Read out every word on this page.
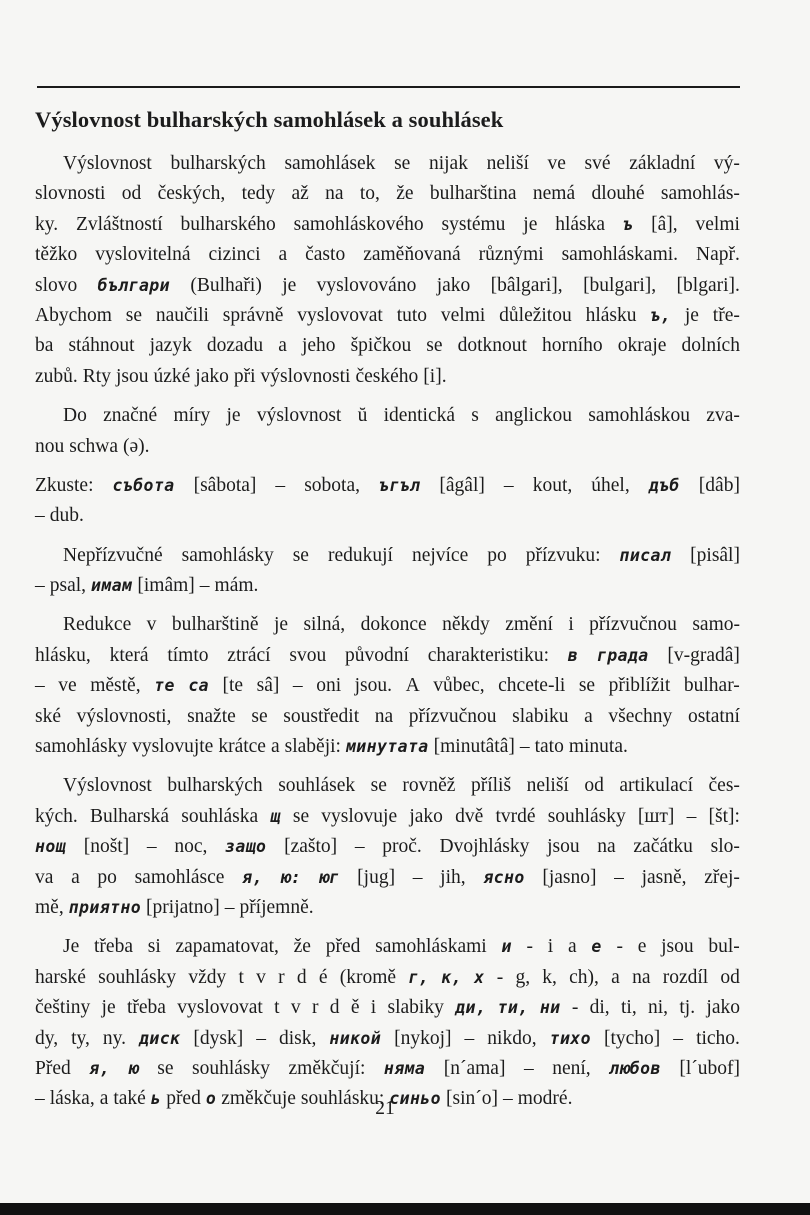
Výslovnost bulharských samohlásek a souhlásek
Výslovnost bulharských samohlásek se nijak neliší ve své základní vý-
slovnosti od českých, tedy až na to, že bulharština nemá dlouhé samohlás-
ky. Zvláštností bulharského samohláskového systému je hláska ъ [â], velmi
těžko vyslovitelná cizinci a často zaměňovaná různými samohláskami. Např.
slovo българи (Bulhaři) je vyslovováno jako [bâlgari], [bulgari], [blgari].
Abychom se naučili správně vyslovovat tuto velmi důležitou hlásku ъ, je tře-
ba stáhnout jazyk dozadu a jeho špičkou se dotknout horního okraje dolních
zubů. Rty jsou úzké jako při výslovnosti českého [i].
Do značné míry je výslovnost ŭ identická s anglickou samohláskou zva-
nou schwa (ə).
Zkuste: събота [sâbota] – sobota, ъгъл [âgâl] – kout, úhel, дъб [dâb]
– dub.
Nepřízvučné samohlásky se redukují nejvíce po přízvuku: писал [pisâl]
– psal, имам [imâm] – mám.
Redukce v bulharštině je silná, dokonce někdy změní i přízvučnou samo-
hlásku, která tímto ztrácí svou původní charakteristiku: в града [v-gradâ]
– ve městě, те са [te sâ] – oni jsou. A vůbec, chcete-li se přiblížit bulhar-
ské výslovnosti, snažte se soustředit na přízvučnou slabiku a všechny ostatní
samohlásky vyslovujte krátce a slaběji: минутата [minutâtâ] – tato minuta.
Výslovnost bulharských souhlásek se rovněž příliš neliší od artikulací čes-
kých. Bulharská souhláska щ se vyslovuje jako dvě tvrdé souhlásky [шт] – [št]:
нощ [nošt] – noc, защо [zašto] – proč. Dvojhlásky jsou na začátku slo-
va a po samohlásce я, ю: юг [jug] – jih, ясно [jasno] – jasně, zřej-
mě, приятно [prijatno] – příjemně.
Je třeba si zapamatovat, že před samohláskami и - i a е - e jsou bul-
harské souhlásky vždy t v r d é (kromě г, к, х - g, k, ch), a na rozdíl od
češtiny je třeba vyslovovat t v r d ě i slabiky ди, ти, ни - di, ti, ni, tj. jako
dy, ty, ny. диск [dysk] – disk, никой [nykoj] – nikdo, тихо [tycho] – ticho.
Před я, ю se souhlásky změkčují: няма [n´ama] – není, любов [l´ubof]
– láska, a také ь před о změkčuje souhlásku: синьо [sin´o] – modré.
21
